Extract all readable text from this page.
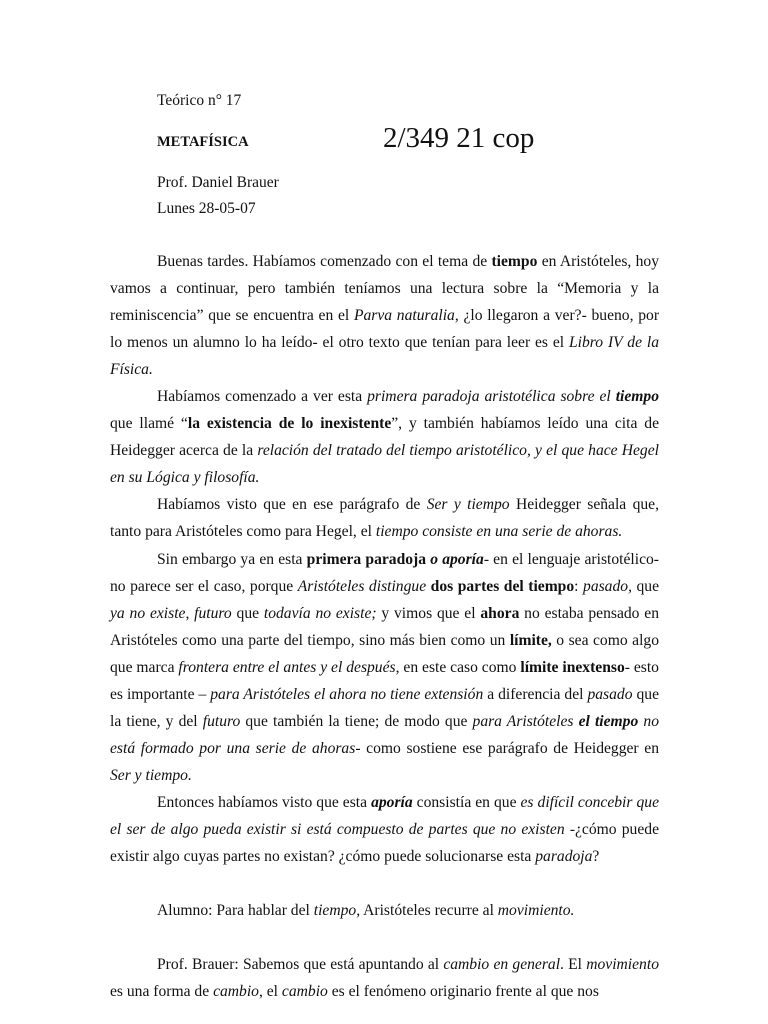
Teórico n° 17
METAFÍSICA	2/349 21 cop
Prof. Daniel Brauer
Lunes 28-05-07

Buenas tardes. Habíamos comenzado con el tema de tiempo en Aristóteles, hoy vamos a continuar, pero también teníamos una lectura sobre la “Memoria y la reminiscencia” que se encuentra en el Parva naturalia, ¿lo llegaron a ver?- bueno, por lo menos un alumno lo ha leído- el otro texto que tenían para leer es el Libro IV de la Física.

Habíamos comenzado a ver esta primera paradoja aristotélica sobre el tiempo que llamé “la existencia de lo inexistente”, y también habíamos leído una cita de Heidegger acerca de la relación del tratado del tiempo aristotélico, y el que hace Hegel en su Lógica y filosofía.

Habíamos visto que en ese parágrafo de Ser y tiempo Heidegger señala que, tanto para Aristóteles como para Hegel, el tiempo consiste en una serie de ahoras.

Sin embargo ya en esta primera paradoja o aporía- en el lenguaje aristotélico- no parece ser el caso, porque Aristóteles distingue dos partes del tiempo: pasado, que ya no existe, futuro que todavía no existe; y vimos que el ahora no estaba pensado en Aristóteles como una parte del tiempo, sino más bien como un límite, o sea como algo que marca frontera entre el antes y el después, en este caso como límite inextenso- esto es importante – para Aristóteles el ahora no tiene extensión a diferencia del pasado que la tiene, y del futuro que también la tiene; de modo que para Aristóteles el tiempo no está formado por una serie de ahoras- como sostiene ese parágrafo de Heidegger en Ser y tiempo.

Entonces habíamos visto que esta aporía consistía en que es difícil concebir que el ser de algo pueda existir si está compuesto de partes que no existen -¿cómo puede existir algo cuyas partes no existan? ¿cómo puede solucionarse esta paradoja?

Alumno: Para hablar del tiempo, Aristóteles recurre al movimiento.

Prof. Brauer: Sabemos que está apuntando al cambio en general. El movimiento es una forma de cambio, el cambio es el fenómeno originario frente al que nos
